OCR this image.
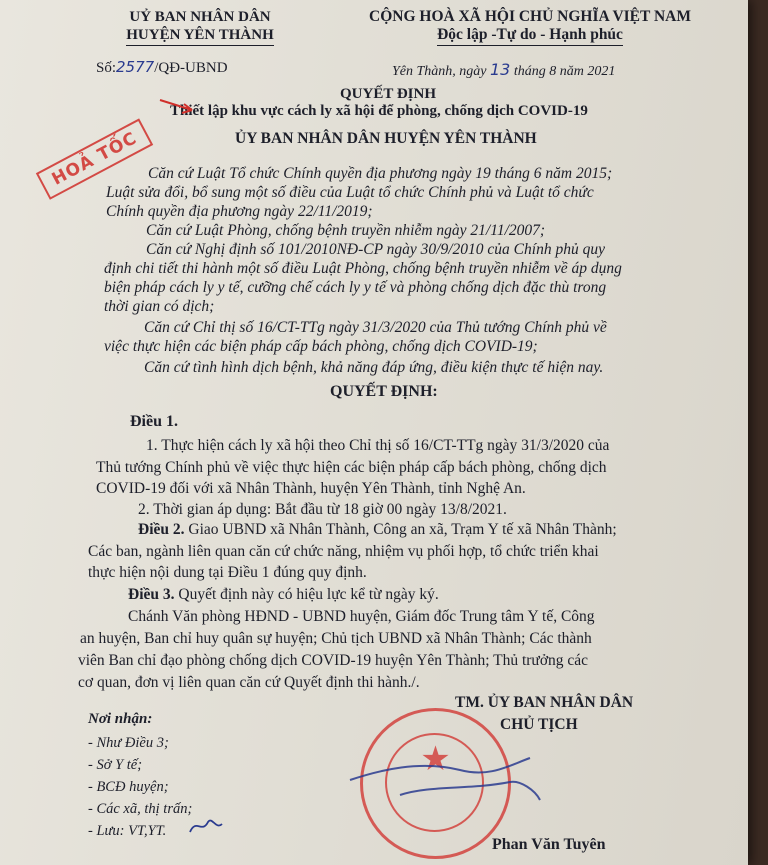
UỶ BAN NHÂN DÂN
HUYỆN YÊN THÀNH
CỘNG HOÀ XÃ HỘI CHỦ NGHĨA VIỆT NAM
Độc lập -Tự do - Hạnh phúc
Số:2577/QĐ-UBND	Yên Thành, ngày 13 tháng 8 năm 2021
QUYẾT ĐỊNH
Thiết lập khu vực cách ly xã hội để phòng, chống dịch COVID-19
ỦY BAN NHÂN DÂN HUYỆN YÊN THÀNH
HOẢ TỐC Căn cứ Luật Tổ chức Chính quyền địa phương ngày 19 tháng 6 năm 2015;
Luật sửa đổi, bổ sung một số điều của Luật tổ chức Chính phủ và Luật tổ chức
Chính quyền địa phương ngày 22/11/2019;
Căn cứ Luật Phòng, chống bệnh truyền nhiễm ngày 21/11/2007;
Căn cứ Nghị định số 101/2010NĐ-CP ngày 30/9/2010 của Chính phủ quy
định chi tiết thi hành một số điều Luật Phòng, chống bệnh truyền nhiễm về áp dụng
biện pháp cách ly y tế, cưỡng chế cách ly y tế và phòng chống dịch đặc thù trong
thời gian có dịch;
Căn cứ Chỉ thị số 16/CT-TTg ngày 31/3/2020 của Thủ tướng Chính phủ về
việc thực hiện các biện pháp cấp bách phòng, chống dịch COVID-19;
Căn cứ tình hình dịch bệnh, khả năng đáp ứng, điều kiện thực tế hiện nay.
QUYẾT ĐỊNH:
Điều 1.
1. Thực hiện cách ly xã hội theo Chỉ thị số 16/CT-TTg ngày 31/3/2020 của
Thủ tướng Chính phủ về việc thực hiện các biện pháp cấp bách phòng, chống dịch
COVID-19 đối với xã Nhân Thành, huyện Yên Thành, tỉnh Nghệ An.
2. Thời gian áp dụng: Bắt đầu từ 18 giờ 00 ngày 13/8/2021.
Điều 2. Giao UBND xã Nhân Thành, Công an xã, Trạm Y tế xã Nhân Thành;
Các ban, ngành liên quan căn cứ chức năng, nhiệm vụ phối hợp, tổ chức triển khai
thực hiện nội dung tại Điều 1 đúng quy định.
Điều 3. Quyết định này có hiệu lực kể từ ngày ký.
Chánh Văn phòng HĐND - UBND huyện, Giám đốc Trung tâm Y tế, Công
an huyện, Ban chỉ huy quân sự huyện; Chủ tịch UBND xã Nhân Thành; Các thành
viên Ban chỉ đạo phòng chống dịch COVID-19 huyện Yên Thành; Thủ trưởng các
cơ quan, đơn vị liên quan căn cứ Quyết định thi hành./.
TM. ỦY BAN NHÂN DÂN
CHỦ TỊCH
★
Phan Văn Tuyên
Nơi nhận:
- Như Điều 3;
- Sở Y tế;
- BCĐ huyện;
- Các xã, thị trấn;
- Lưu: VT,YT.
